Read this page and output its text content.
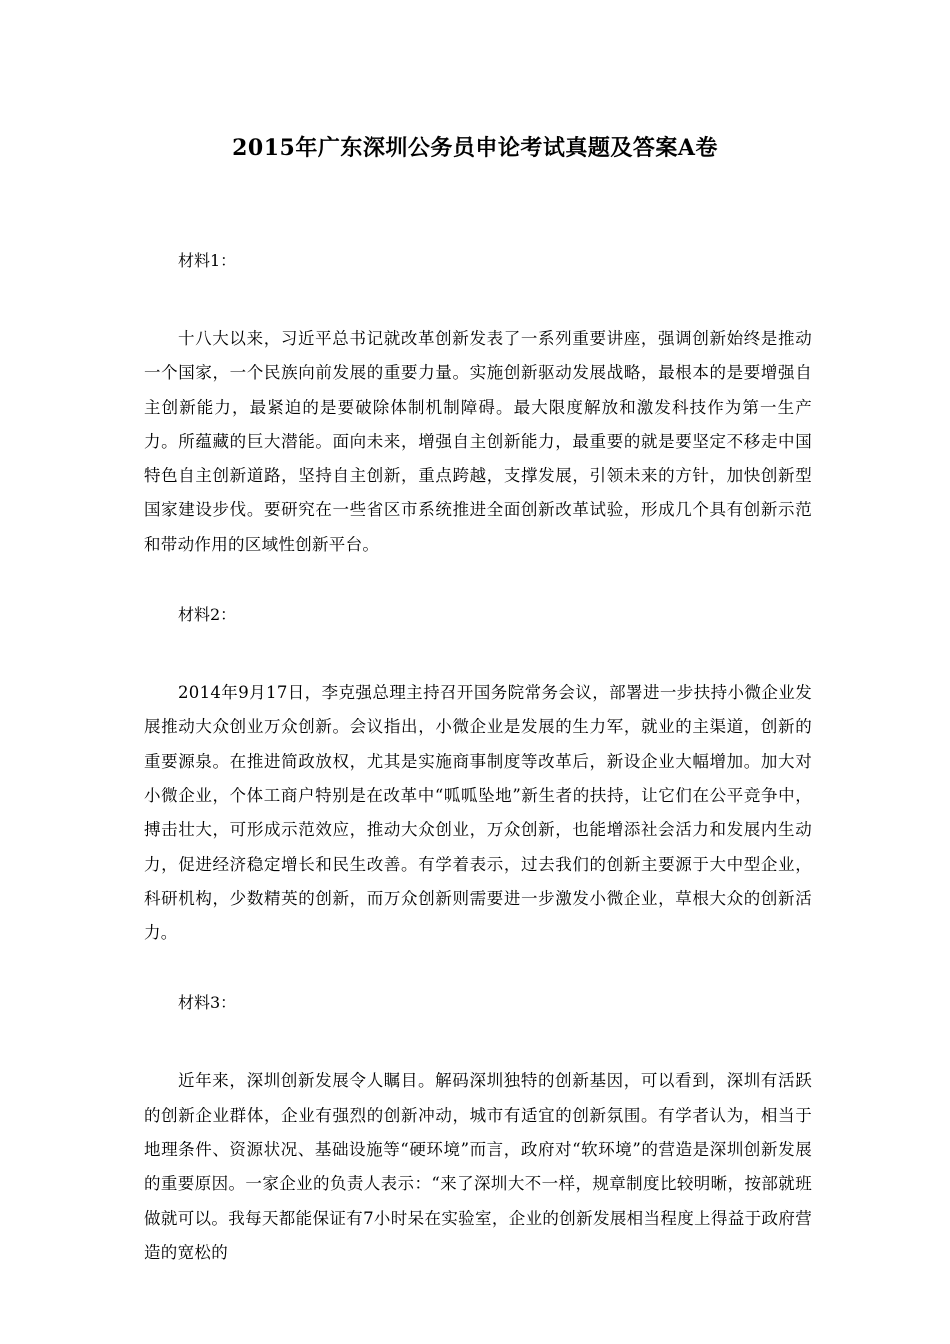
2015年广东深圳公务员申论考试真题及答案A卷

材料1：

十八大以来，习近平总书记就改革创新发表了一系列重要讲座，强调创新始终是推动一个国家，一个民族向前发展的重要力量。实施创新驱动发展战略，最根本的是要增强自主创新能力，最紧迫的是要破除体制机制障碍。最大限度解放和激发科技作为第一生产力。所蕴藏的巨大潜能。面向未来，增强自主创新能力，最重要的就是要坚定不移走中国特色自主创新道路，坚持自主创新，重点跨越，支撑发展，引领未来的方针，加快创新型国家建设步伐。要研究在一些省区市系统推进全面创新改革试验，形成几个具有创新示范和带动作用的区域性创新平台。

材料2：

2014年9月17日，李克强总理主持召开国务院常务会议，部署进一步扶持小微企业发展推动大众创业万众创新。会议指出，小微企业是发展的生力军，就业的主渠道，创新的重要源泉。在推进简政放权，尤其是实施商事制度等改革后，新设企业大幅增加。加大对小微企业，个体工商户特别是在改革中“呱呱坠地”新生者的扶持，让它们在公平竞争中，搏击壮大，可形成示范效应，推动大众创业，万众创新，也能增添社会活力和发展内生动力，促进经济稳定增长和民生改善。有学着表示，过去我们的创新主要源于大中型企业，科研机构，少数精英的创新，而万众创新则需要进一步激发小微企业，草根大众的创新活力。

材料3：

近年来，深圳创新发展令人瞩目。解码深圳独特的创新基因，可以看到，深圳有活跃的创新企业群体，企业有强烈的创新冲动，城市有适宜的创新氛围。有学者认为，相当于地理条件、资源状况、基础设施等“硬环境”而言，政府对“软环境”的营造是深圳创新发展的重要原因。一家企业的负责人表示：“来了深圳大不一样，规章制度比较明晰，按部就班做就可以。我每天都能保证有7小时呆在实验室，企业的创新发展相当程度上得益于政府营造的宽松的
